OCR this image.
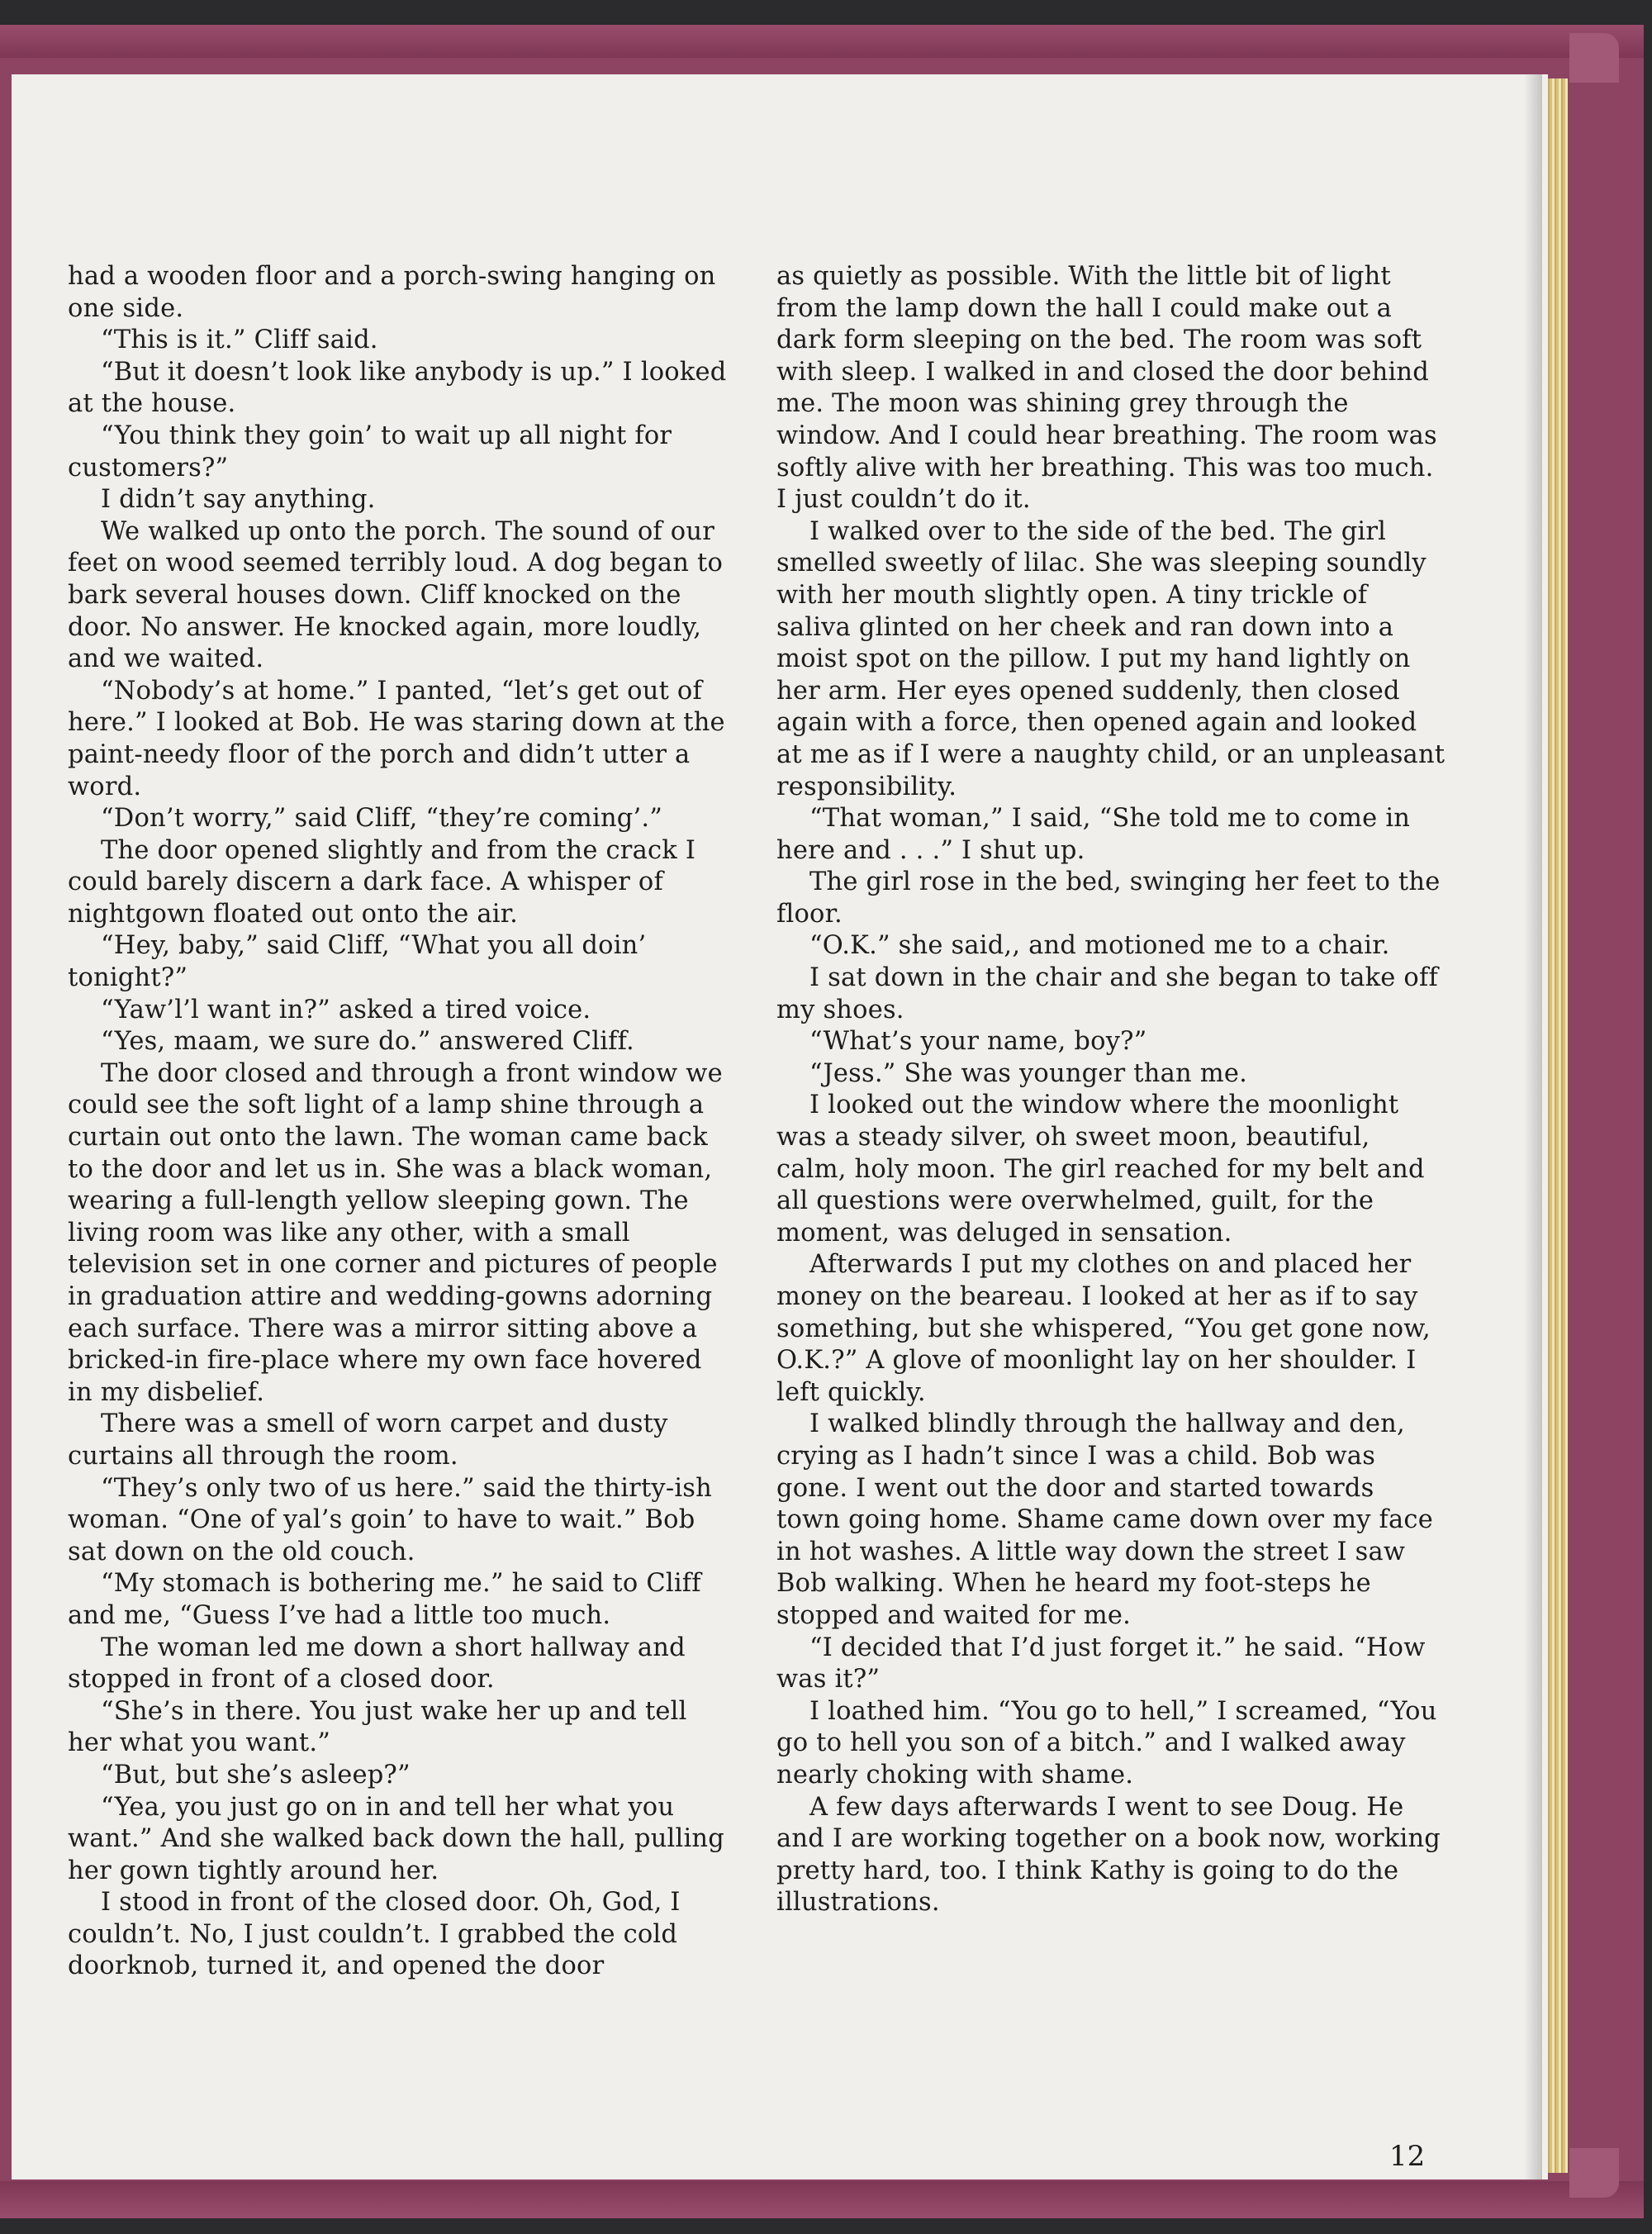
had a wooden floor and a porch-swing hanging on one side.

“This is it.” Cliff said.

“But it doesn’t look like anybody is up.” I looked at the house.

“You think they goin’ to wait up all night for customers?”

I didn’t say anything.

We walked up onto the porch. The sound of our feet on wood seemed terribly loud. A dog began to bark several houses down. Cliff knocked on the door. No answer. He knocked again, more loudly, and we waited.

“Nobody’s at home.” I panted, “let’s get out of here.” I looked at Bob. He was staring down at the paint-needy floor of the porch and didn’t utter a word.

“Don’t worry,” said Cliff, “they’re coming’.”

The door opened slightly and from the crack I could barely discern a dark face. A whisper of nightgown floated out onto the air.

“Hey, baby,” said Cliff, “What you all doin’ tonight?”

“Yaw’l’l want in?” asked a tired voice.

“Yes, maam, we sure do.” answered Cliff.

The door closed and through a front window we could see the soft light of a lamp shine through a curtain out onto the lawn. The woman came back to the door and let us in. She was a black woman, wearing a full-length yellow sleeping gown. The living room was like any other, with a small television set in one corner and pictures of people in graduation attire and wedding-gowns adorning each surface. There was a mirror sitting above a bricked-in fire-place where my own face hovered in my disbelief.

There was a smell of worn carpet and dusty curtains all through the room.

“They’s only two of us here.” said the thirty-ish woman. “One of yal’s goin’ to have to wait.” Bob sat down on the old couch.

“My stomach is bothering me.” he said to Cliff and me, “Guess I’ve had a little too much.

The woman led me down a short hallway and stopped in front of a closed door.

“She’s in there. You just wake her up and tell her what you want.”

“But, but she’s asleep?”

“Yea, you just go on in and tell her what you want.” And she walked back down the hall, pulling her gown tightly around her.

I stood in front of the closed door. Oh, God, I couldn’t. No, I just couldn’t. I grabbed the cold doorknob, turned it, and opened the door

as quietly as possible. With the little bit of light from the lamp down the hall I could make out a dark form sleeping on the bed. The room was soft with sleep. I walked in and closed the door behind me. The moon was shining grey through the window. And I could hear breathing. The room was softly alive with her breathing. This was too much. I just couldn’t do it.

I walked over to the side of the bed. The girl smelled sweetly of lilac. She was sleeping soundly with her mouth slightly open. A tiny trickle of saliva glinted on her cheek and ran down into a moist spot on the pillow. I put my hand lightly on her arm. Her eyes opened suddenly, then closed again with a force, then opened again and looked at me as if I were a naughty child, or an unpleasant responsibility.

“That woman,” I said, “She told me to come in here and . . .” I shut up.

The girl rose in the bed, swinging her feet to the floor.

“O.K.” she said,, and motioned me to a chair.

I sat down in the chair and she began to take off my shoes.

“What’s your name, boy?”

“Jess.” She was younger than me.

I looked out the window where the moonlight was a steady silver, oh sweet moon, beautiful, calm, holy moon. The girl reached for my belt and all questions were overwhelmed, guilt, for the moment, was deluged in sensation.

Afterwards I put my clothes on and placed her money on the beareau. I looked at her as if to say something, but she whispered, “You get gone now, O.K.?” A glove of moonlight lay on her shoulder. I left quickly.

I walked blindly through the hallway and den, crying as I hadn’t since I was a child. Bob was gone. I went out the door and started towards town going home. Shame came down over my face in hot washes. A little way down the street I saw Bob walking. When he heard my foot-steps he stopped and waited for me.

“I decided that I’d just forget it.” he said. “How was it?”

I loathed him. “You go to hell,” I screamed, “You go to hell you son of a bitch.” and I walked away nearly choking with shame.

A few days afterwards I went to see Doug. He and I are working together on a book now, working pretty hard, too. I think Kathy is going to do the illustrations.

12
